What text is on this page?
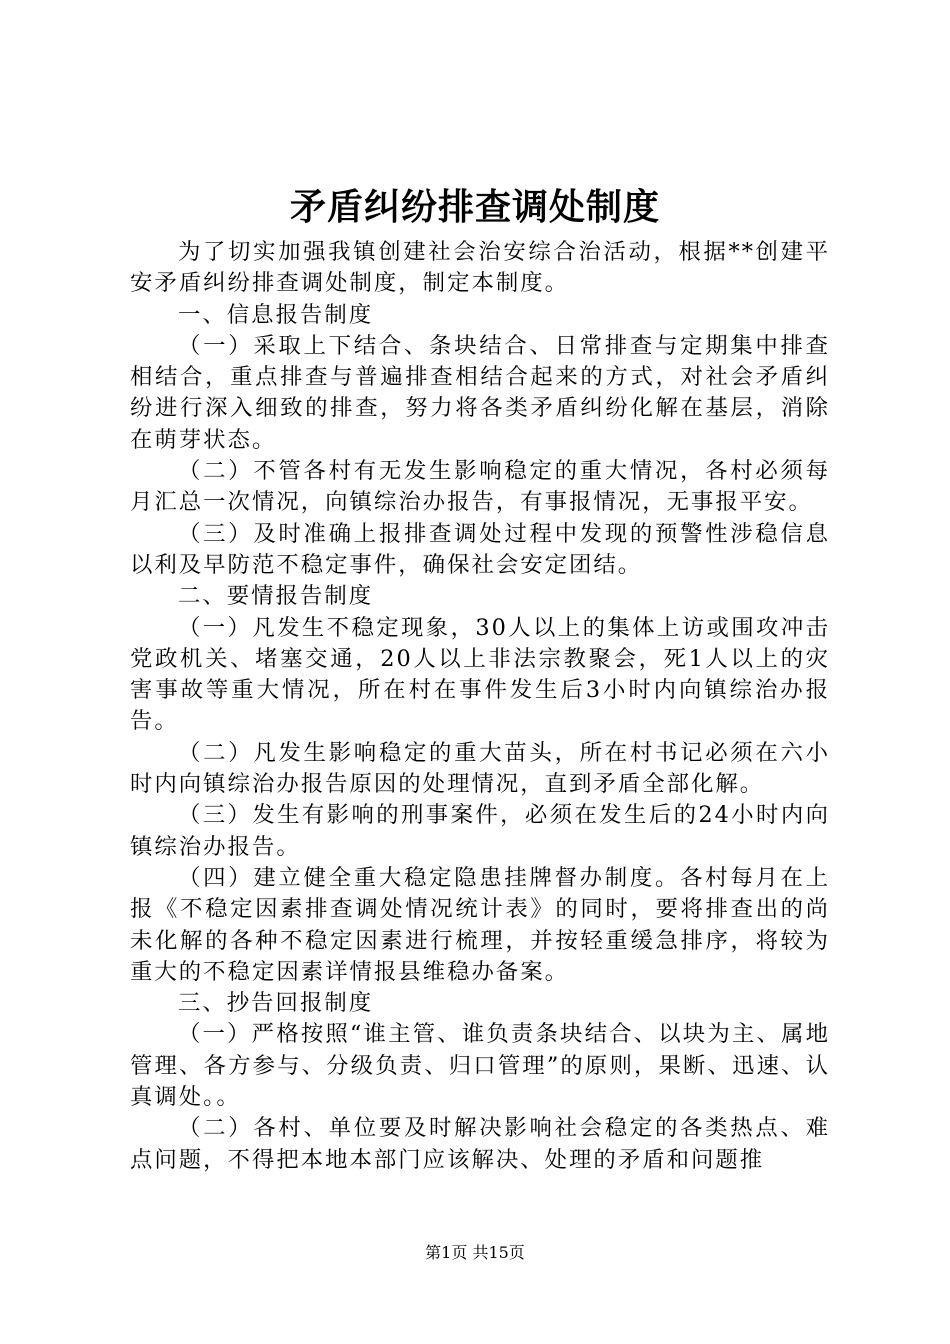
矛盾纠纷排查调处制度

为了切实加强我镇创建社会治安综合治活动，根据**创建平安矛盾纠纷排查调处制度，制定本制度。

一、信息报告制度

（一）采取上下结合、条块结合、日常排查与定期集中排查相结合，重点排查与普遍排查相结合起来的方式，对社会矛盾纠纷进行深入细致的排查，努力将各类矛盾纠纷化解在基层，消除在萌芽状态。

（二）不管各村有无发生影响稳定的重大情况，各村必须每月汇总一次情况，向镇综治办报告，有事报情况，无事报平安。

（三）及时准确上报排查调处过程中发现的预警性涉稳信息以利及早防范不稳定事件，确保社会安定团结。

二、要情报告制度

（一）凡发生不稳定现象，30人以上的集体上访或围攻冲击党政机关、堵塞交通，20人以上非法宗教聚会，死1人以上的灾害事故等重大情况，所在村在事件发生后3小时内向镇综治办报告。

（二）凡发生影响稳定的重大苗头，所在村书记必须在六小时内向镇综治办报告原因的处理情况，直到矛盾全部化解。

（三）发生有影响的刑事案件，必须在发生后的24小时内向镇综治办报告。

（四）建立健全重大稳定隐患挂牌督办制度。各村每月在上报《不稳定因素排查调处情况统计表》的同时，要将排查出的尚未化解的各种不稳定因素进行梳理，并按轻重缓急排序，将较为重大的不稳定因素详情报县维稳办备案。

三、抄告回报制度

（一）严格按照“谁主管、谁负责条块结合、以块为主、属地管理、各方参与、分级负责、归口管理”的原则，果断、迅速、认真调处。。

（二）各村、单位要及时解决影响社会稳定的各类热点、难点问题，不得把本地本部门应该解决、处理的矛盾和问题推

第1页 共15页
